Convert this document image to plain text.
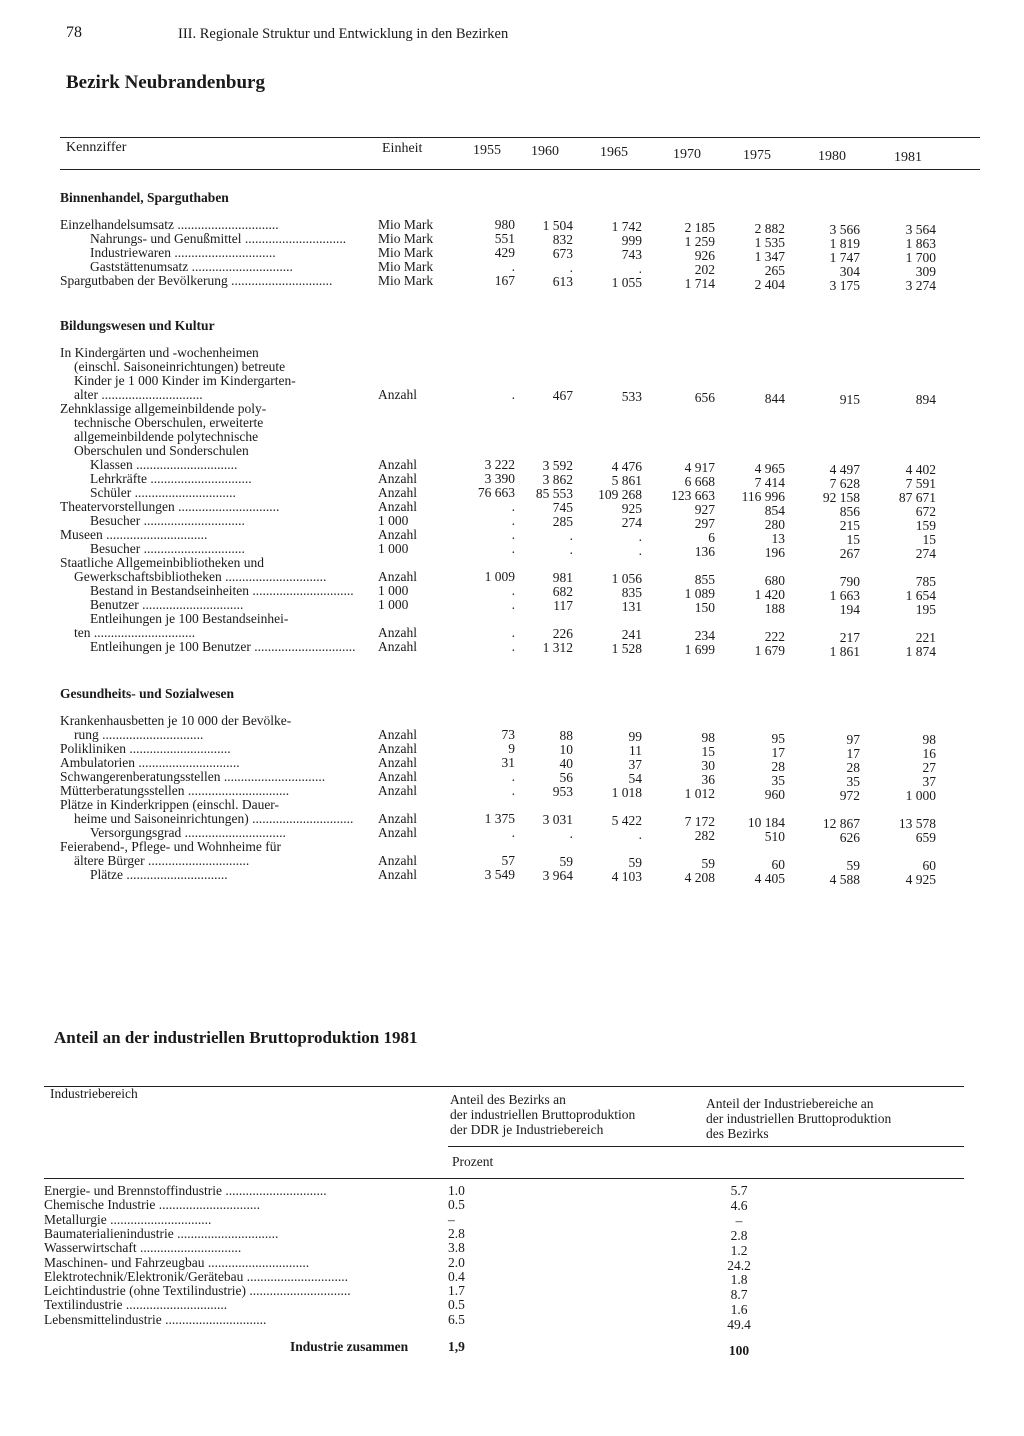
78	III. Regionale Struktur und Entwicklung in den Bezirken
Bezirk Neubrandenburg
Kennziffer	Einheit	1955 1960	1965	1970	1975	1980	1981
Binnenhandel, Sparguthaben
Einzelhandelsumsatz .....	Mio Mark	980	1 504	1 742	2 185	2 882	3 566	3 564
Nahrungs- und Genußmittel .....	Mio Mark	551	832	999	1 259	1 535	1 819	1 863
Industriewaren .....	Mio Mark	429	673	743	926	1 347	1 747	1 700
Gaststättenumsatz .....	Mio Mark	.	.	.	202	265	304	309
Spargutbaben der Bevölkerung .....	Mio Mark	167	613	1 055	1 714	2 404	3 175	3 274
Bildungswesen und Kultur
In Kindergärten und -wochenheimen
(einschl. Saisoneinrichtungen) betreute
Kinder je 1 000 Kinder im Kindergarten-
alter .....	Anzahl	.	467	533	656	844	915	894
Zehnklassige allgemeinbildende poly-
technische Oberschulen, erweiterte
allgemeinbildende polytechnische
Oberschulen und Sonderschulen
Klassen .....	Anzahl	3 222	3 592	4 476	4 917	4 965	4 497	4 402
Lehrkräfte .....	Anzahl	3 390	3 862	5 861	6 668	7 414	7 628	7 591
Schüler .....	Anzahl	76 663	85 553	109 268	123 663	116 996	92 158	87 671
Theatervorstellungen .....	Anzahl	.	745	925	927	854	856	672
Besucher .....	1 000	.	285	274	297	280	215	159
Museen .....	Anzahl	.	.	.	6	13	15	15
Besucher .....	1 000	.	.	.	136	196	267	274
Staatliche Allgemeinbibliotheken und
Gewerkschaftsbibliotheken .....	Anzahl	1 009	981	1 056	855	680	790	785
Bestand in Bestandseinheiten .....	1 000	.	682	835	1 089	1 420	1 663	1 654
Benutzer .....	1 000	.	117	131	150	188	194	195
Entleihungen je 100 Bestandseinhei-
ten .....	Anzahl	.	226	241	234	222	217	221
Entleihungen je 100 Benutzer .....	Anzahl	.	1 312	1 528	1 699	1 679	1 861	1 874
Gesundheits- und Sozialwesen
Krankenhausbetten je 10 000 der Bevölke-
rung .....	Anzahl	73	88	99	98	95	97	98
Polikliniken .....	Anzahl	9	10	11	15	17	17	16
Ambulatorien .....	Anzahl	31	40	37	30	28	28	27
Schwangerenberatungsstellen .....	Anzahl	.	56	54	36	35	35	37
Mütterberatungsstellen .....	Anzahl	.	953	1 018	1 012	960	972	1 000
Plätze in Kinderkrippen (einschl. Dauer-
heime und Saisoneinrichtungen) .....	Anzahl	1 375	3 031	5 422	7 172	10 184	12 867	13 578
Versorgungsgrad .....	Anzahl	.	.	.	282	510	626	659
Feierabend-, Pflege- und Wohnheime für
ältere Bürger .....	Anzahl	57	59	59	59	60	59	60
Plätze .....	Anzahl	3 549	3 964	4 103	4 208	4 405	4 588	4 925
Anteil an der industriellen Bruttoproduktion 1981
Industriebereich	Anteil des Bezirks an
der industriellen Bruttoproduktion
der DDR je Industriebereich
Anteil der Industriebereiche an
der industriellen Bruttoproduktion
des Bezirks
Prozent
Energie- und Brennstoffindustrie .....	1.0	5.7
Chemische Industrie .....	0.5	4.6
Metallurgie .....	–	–
Baumaterialienindustrie .....	2.8	2.8
Wasserwirtschaft .....	3.8	1.2
Maschinen- und Fahrzeugbau .....	2.0	24.2
Elektrotechnik/Elektronik/Gerätebau .....	0.4	1.8
Leichtindustrie (ohne Textilindustrie) .....	1.7	8.7
Textilindustrie .....	0.5	1.6
Lebensmittelindustrie .....	6.5	49.4
Industrie zusammen	1,9	100
